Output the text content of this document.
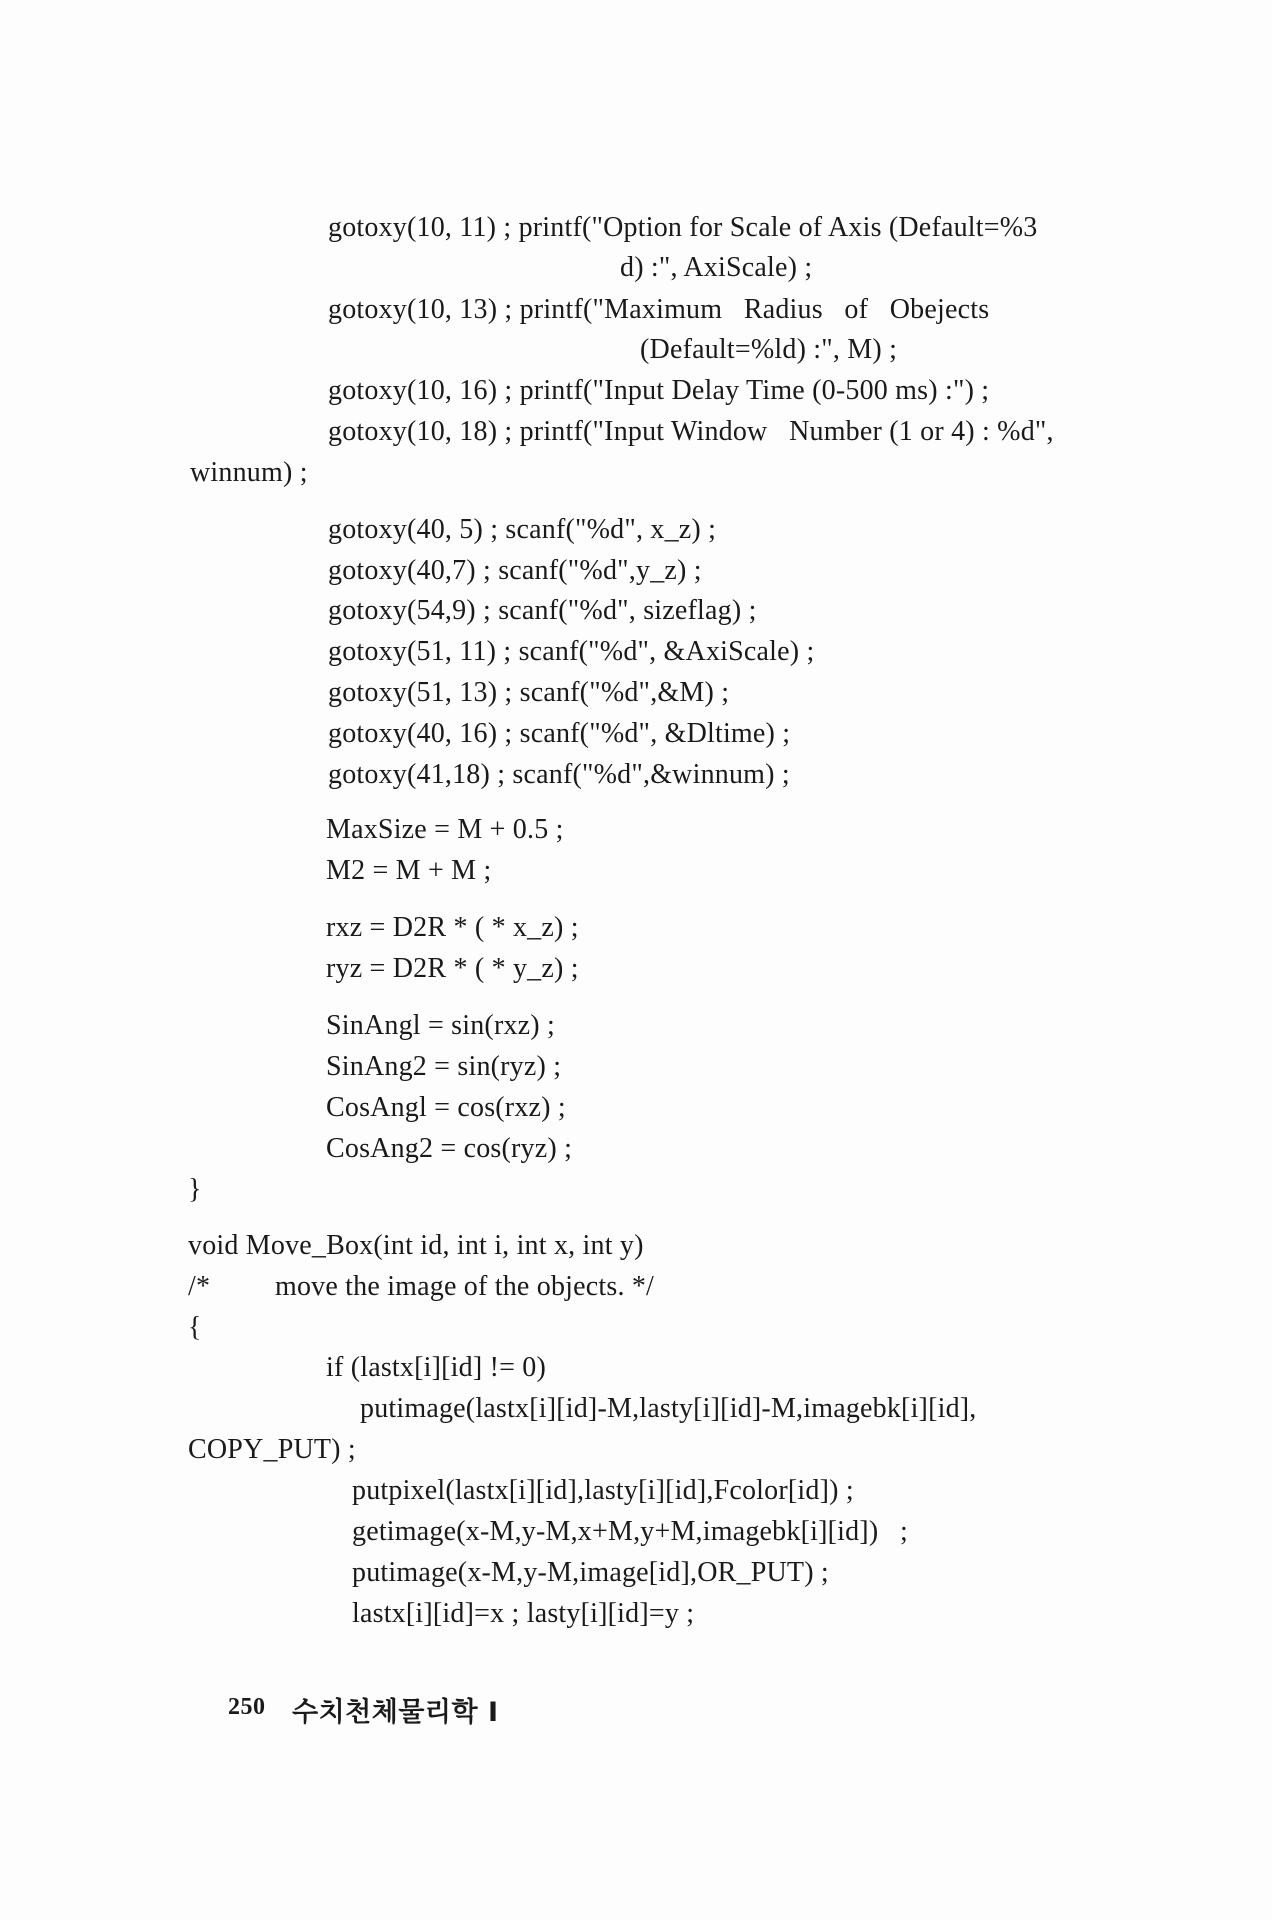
gotoxy(10, 11) ; printf("Option for Scale of Axis (Default=%3
d) :", AxiScale) ;
gotoxy(10, 13) ; printf("Maximum   Radius   of   Obejects
(Default=%ld) :", M) ;
gotoxy(10, 16) ; printf("Input Delay Time (0-500 ms) :") ;
gotoxy(10, 18) ; printf("Input Window   Number (1 or 4) : %d",
winnum) ;
gotoxy(40, 5) ; scanf("%d", x_z) ;
gotoxy(40,7) ; scanf("%d",y_z) ;
gotoxy(54,9) ; scanf("%d", sizeflag) ;
gotoxy(51, 11) ; scanf("%d", &AxiScale) ;
gotoxy(51, 13) ; scanf("%d",&M) ;
gotoxy(40, 16) ; scanf("%d", &Dltime) ;
gotoxy(41,18) ; scanf("%d",&winnum) ;
MaxSize = M + 0.5 ;
M2 = M + M ;
rxz = D2R * ( * x_z) ;
ryz = D2R * ( * y_z) ;
SinAngl = sin(rxz) ;
SinAng2 = sin(ryz) ;
CosAngl = cos(rxz) ;
CosAng2 = cos(ryz) ;
}
void Move_Box(int id, int i, int x, int y)
/*         move the image of the objects. */
{
if (lastx[i][id] != 0)
putimage(lastx[i][id]-M,lasty[i][id]-M,imagebk[i][id],
COPY_PUT) ;
putpixel(lastx[i][id],lasty[i][id],Fcolor[id]) ;
getimage(x-M,y-M,x+M,y+M,imagebk[i][id])   ;
putimage(x-M,y-M,image[id],OR_PUT) ;
lastx[i][id]=x ; lasty[i][id]=y ;
250 수치천체물리학 I
